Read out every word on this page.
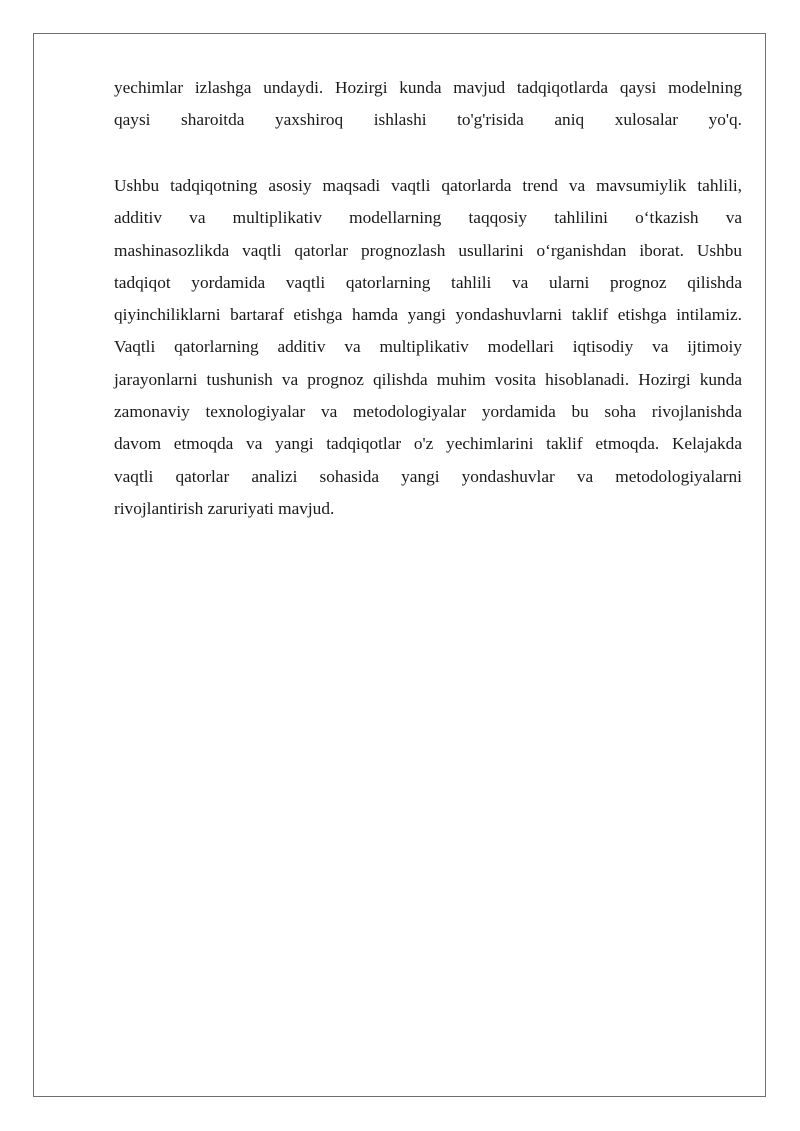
yechimlar izlashga undaydi. Hozirgi kunda mavjud tadqiqotlarda qaysi modelning
qaysi sharoitda yaxshiroq ishlashi to'g'risida aniq xulosalar yo'q.

Ushbu tadqiqotning asosiy maqsadi vaqtli qatorlarda trend va mavsumiylik tahlili,
additiv va multiplikativ modellarning taqqosiy tahlilini o‘tkazish va
mashinasozlikda vaqtli qatorlar prognozlash usullarini o‘rganishdan iborat. Ushbu
tadqiqot yordamida vaqtli qatorlarning tahlili va ularni prognoz qilishda
qiyinchiliklarni bartaraf etishga hamda yangi yondashuvlarni taklif etishga intilamiz.
Vaqtli qatorlarning additiv va multiplikativ modellari iqtisodiy va ijtimoiy
jarayonlarni tushunish va prognoz qilishda muhim vosita hisoblanadi. Hozirgi kunda
zamonaviy texnologiyalar va metodologiyalar yordamida bu soha rivojlanishda
davom etmoqda va yangi tadqiqotlar o'z yechimlarini taklif etmoqda. Kelajakda
vaqtli qatorlar analizi sohasida yangi yondashuvlar va metodologiyalarni
rivojlantirish zaruriyati mavjud.
